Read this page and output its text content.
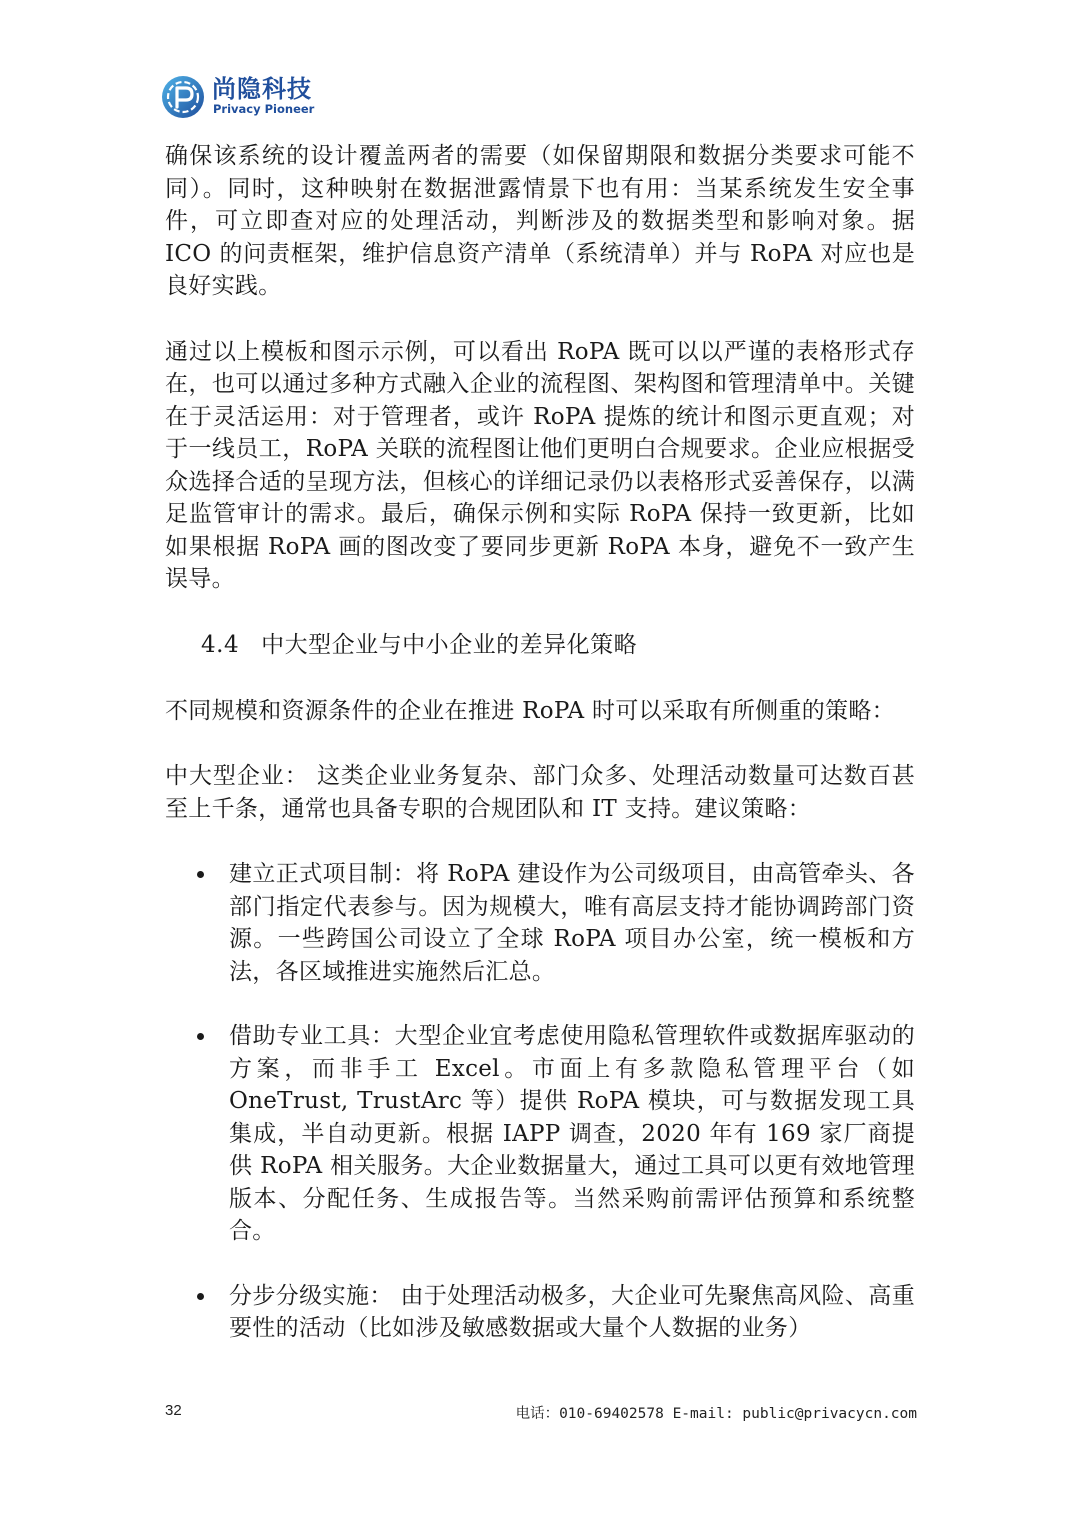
尚隐科技
Privacy Pioneer

确保该系统的设计覆盖两者的需要（如保留期限和数据分类要求可能不同）。同时，这种映射在数据泄露情景下也有用：当某系统发生安全事件，可立即查对应的处理活动，判断涉及的数据类型和影响对象。据 ICO 的问责框架，维护信息资产清单（系统清单）并与 RoPA 对应也是良好实践。

通过以上模板和图示示例，可以看出 RoPA 既可以以严谨的表格形式存在，也可以通过多种方式融入企业的流程图、架构图和管理清单中。关键在于灵活运用：对于管理者，或许 RoPA 提炼的统计和图示更直观；对于一线员工，RoPA 关联的流程图让他们更明白合规要求。企业应根据受众选择合适的呈现方法，但核心的详细记录仍以表格形式妥善保存，以满足监管审计的需求。最后，确保示例和实际 RoPA 保持一致更新，比如如果根据 RoPA 画的图改变了要同步更新 RoPA 本身，避免不一致产生误导。

4.4 中大型企业与中小企业的差异化策略

不同规模和资源条件的企业在推进 RoPA 时可以采取有所侧重的策略：

中大型企业： 这类企业业务复杂、部门众多、处理活动数量可达数百甚至上千条，通常也具备专职的合规团队和 IT 支持。建议策略：

建立正式项目制：将 RoPA 建设作为公司级项目，由高管牵头、各部门指定代表参与。因为规模大，唯有高层支持才能协调跨部门资源。一些跨国公司设立了全球 RoPA 项目办公室，统一模板和方法，各区域推进实施然后汇总。
借助专业工具：大型企业宜考虑使用隐私管理软件或数据库驱动的方案，而非手工 Excel。市面上有多款隐私管理平台（如 OneTrust, TrustArc 等）提供 RoPA 模块，可与数据发现工具集成，半自动更新。根据 IAPP 调查，2020 年有 169 家厂商提供 RoPA 相关服务。大企业数据量大，通过工具可以更有效地管理版本、分配任务、生成报告等。当然采购前需评估预算和系统整合。
分步分级实施： 由于处理活动极多，大企业可先聚焦高风险、高重要性的活动（比如涉及敏感数据或大量个人数据的业务）
32	电话：010-69402578 E-mail: public@privacycn.com
